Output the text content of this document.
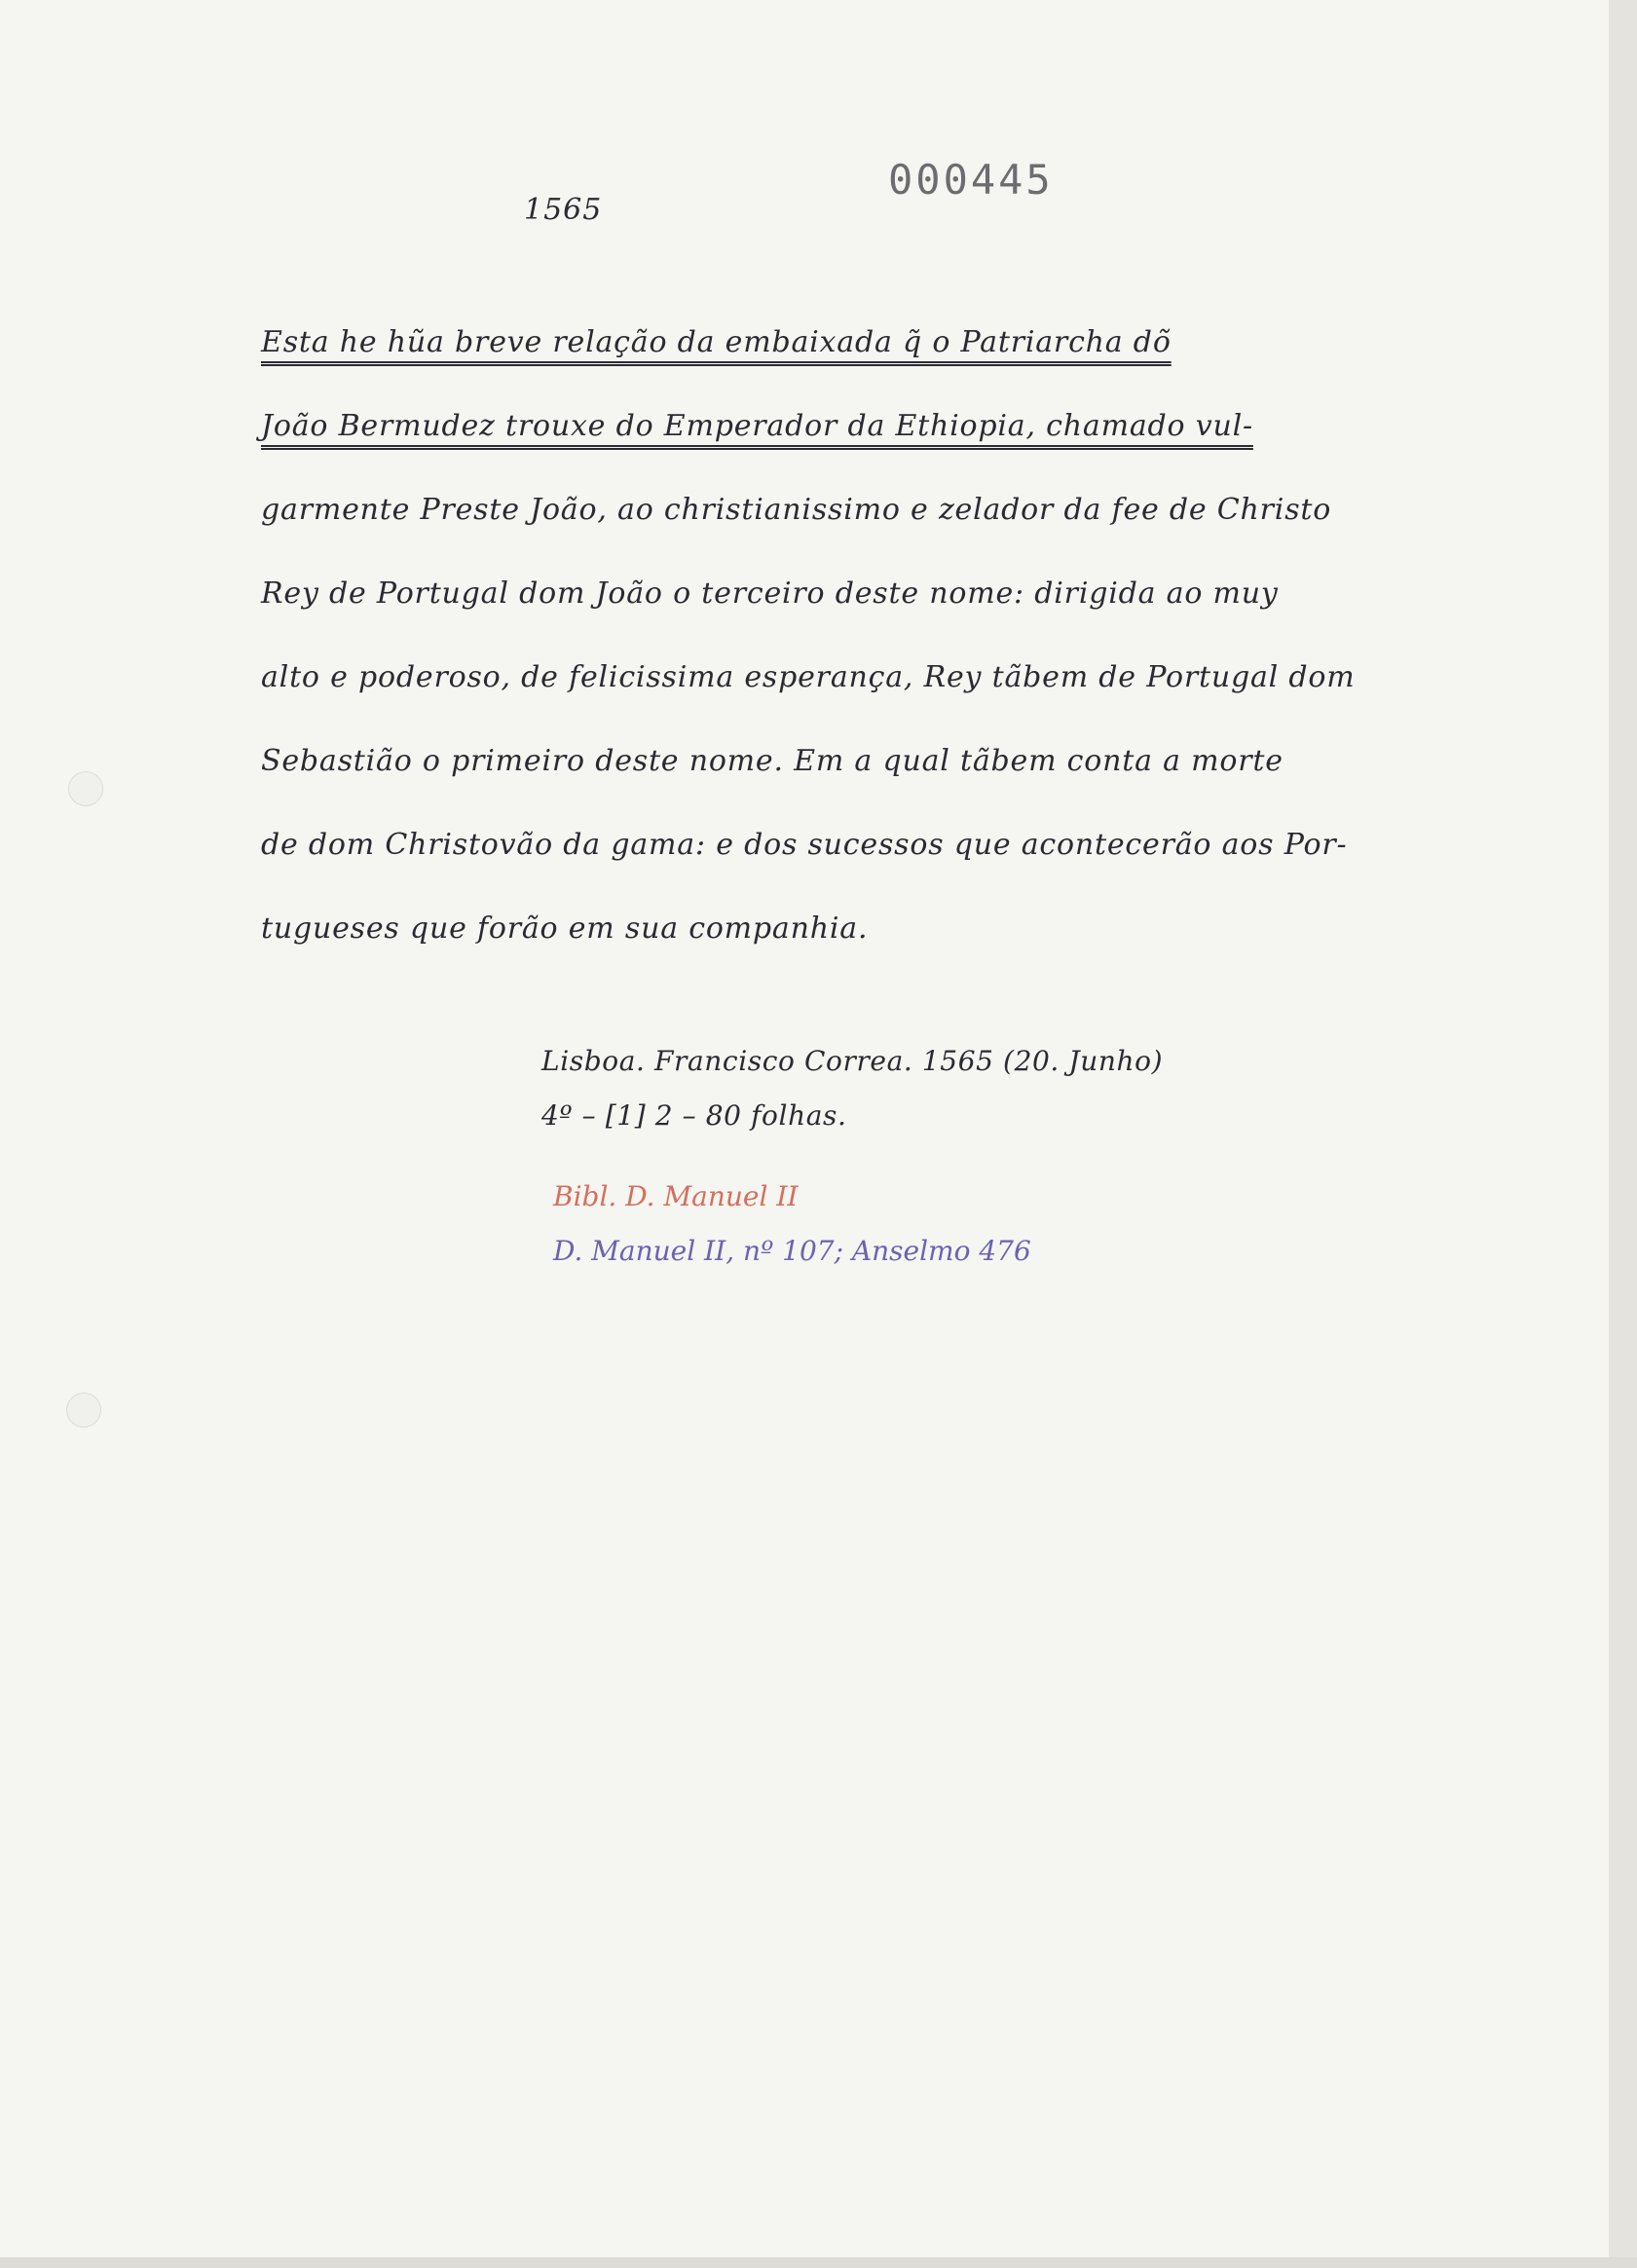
1565
000445
Esta he hũa breve relação da embaixada q̃ o Patriarcha dõ
João Bermudez trouxe do Emperador da Ethiopia, chamado vul-
garmente Preste João, ao christianissimo e zelador da fee de Christo
Rey de Portugal dom João o terceiro deste nome: dirigida ao muy
alto e poderoso, de felicissima esperança, Rey tãbem de Portugal dom
Sebastião o primeiro deste nome. Em a qual tãbem conta a morte
de dom Christovão da gama: e dos sucessos que acontecerão aos Por-
tugueses que forão em sua companhia.
Lisboa. Francisco Correa. 1565 (20. Junho)
4º – [1] 2 – 80 folhas.
Bibl. D. Manuel II
D. Manuel II, nº 107; Anselmo 476
